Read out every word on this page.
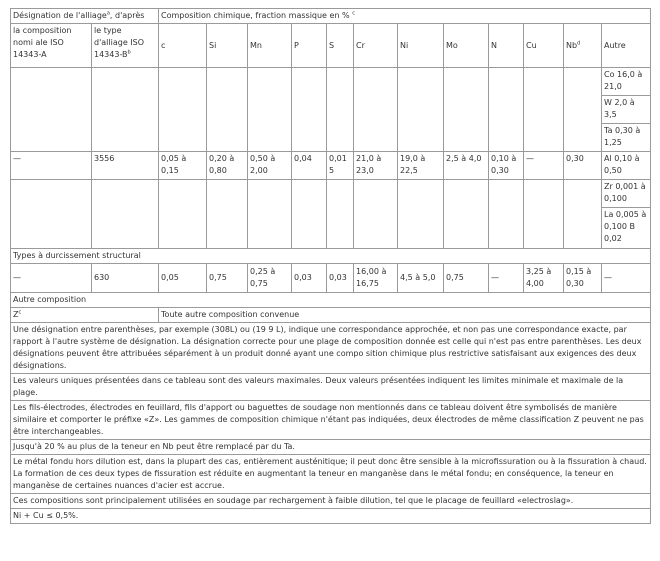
Désignation de l'alliage$^a$, d'après		Composition chimique, fraction massique en % $^c$
la composition nomi ale ISO 14343-A	le type d'alliage ISO $14343-B^b$	c	Si	Mn	P	S	Cr	Ni	Mo	N	Cu	Nb$^d$	Autre
													Co 16,0 à 21,0
													W 2,0 à 3,5
													Ta 0,30 à 1,25
—	3556	0,05 à 0,15	0,20 à 0,80	0,50 à 2,00	0,04	0,015	21,0 à 23,0	19,0 à 22,5	2,5 à 4,0	0,10 à 0,30	—	0,30	Al 0,10 à 0,50
													Zr 0,001 à 0,100
													La 0,005 à 0,100 B 0,02
Types à durcissement structural													
—	630	0,05	0,75	0,25 à 0,75	0,03	0,03	16,00 à 16,75	4,5 à 5,0	0,75	—	3,25 à 4,00	0,15 à 0,30	—
Autre composition													
$Z^c$		Toute autre composition convenue											
Une désignation entre parenthèses, par exemple (308L) ou (19 9 L), indique une correspondance approchée, et non pas une correspondance exacte, par rapport à l'autre système de désignation. La désignation correcte pour une plage de composition donnée est celle qui n'est pas entre parenthèses. Les deux désignations peuvent être attribuées séparément à un produit donné ayant une compo sition chimique plus restrictive satisfaisant aux exigences des deux désignations.													
Les valeurs uniques présentées dans ce tableau sont des valeurs maximales. Deux valeurs présentées indiquent les limites minimale et maximale de la plage.													
Les fils-électrodes, électrodes en feuillard, fils d'apport ou baguettes de soudage non mentionnés dans ce tableau doivent être symbolisés de manière similaire et comporter le préfixe «Z». Les gammes de composition chimique n'étant pas indiquées, deux électrodes de même classification Z peuvent ne pas être interchangeables.													
Jusqu'à 20 % au plus de la teneur en Nb peut être remplacé par du Ta.													
Le métal fondu hors dilution est, dans la plupart des cas, entièrement austénitique; il peut donc être sensible à la microfissuration ou à la fissuration à chaud. La formation de ces deux types de fissuration est réduite en augmentant la teneur en manganèse dans le métal fondu; en conséquence, la teneur en manganèse de certaines nuances d'acier est accrue.													
Ces compositions sont principalement utilisées en soudage par rechargement à faible dilution, tel que le placage de feuillard «electroslag».													
Ni + Cu ≤ 0,5%.													
